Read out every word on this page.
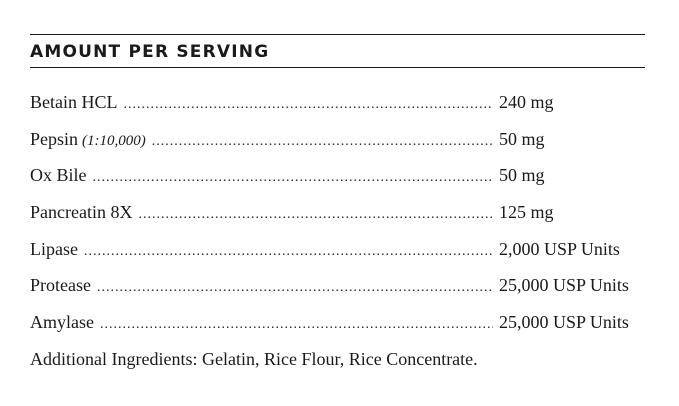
AMOUNT PER SERVING
Betain HCL .....	240 mg
Pepsin (1:10,000) .....	50 mg
Ox Bile .....	50 mg
Pancreatin 8X .....	125 mg
Lipase .....	2,000 USP Units
Protease .....	25,000 USP Units
Amylase .....	25,000 USP Units
Additional Ingredients: Gelatin, Rice Flour, Rice Concentrate.
